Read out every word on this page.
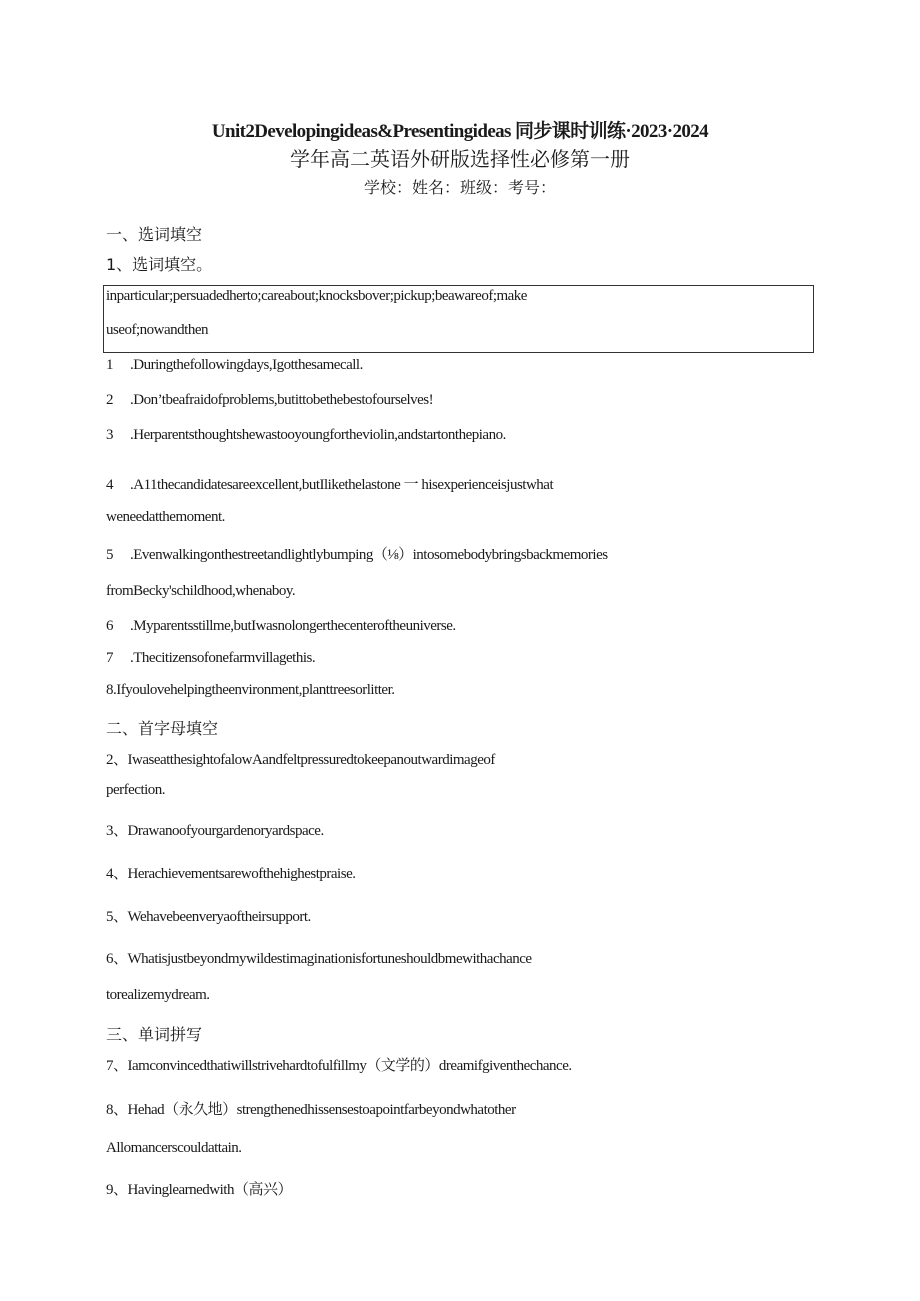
Unit2Developingideas&Presentingideas 同步课时训练·2023·2024
学年高二英语外研版选择性必修第一册
学校：姓名：班级：考号：
一、选词填空
1、选词填空。
inparticular;persuadedherto;careabout;knocksbover;pickup;beawareof;make
useof;nowandthen
1 .Duringthefollowingdays,Igotthesamecall.
2 .Don’tbeafraidofproblems,butittobethebestofourselves!
3 .Herparentsthoughtshewastooyoungfortheviolin,andstartonthepiano.
4 .A11thecandidatesareexcellent,butIlikethelastone 一 hisexperienceisjustwhat
weneedatthemoment.
5 .Evenwalkingonthestreetandlightlybumping（⅛）intosomebodybringsbackmemories
fromBecky'schildhood,whenaboy.
6 .Myparentsstillme,butIwasnolongerthecenteroftheuniverse.
7 .Thecitizensofonefarmvillagethis.
8.Ifyoulovehelpingtheenvironment,planttreesorlitter.
二、首字母填空
2、IwaseatthesightofalowAandfeltpressuredtokeepanoutwardimageof
perfection.
3、Drawanoofyourgardenoryardspace.
4、Herachievementsarewofthehighestpraise.
5、Wehavebeenveryaoftheirsupport.
6、Whatisjustbeyondmywildestimaginationisfortuneshouldbmewithachance
torealizemydream.
三、单词拼写
7、Iamconvincedthatiwillstrivehardtofulfillmy（文学的）dreamifgiventhechance.
8、Hehad（永久地）strengthenedhissensestoapointfarbeyondwhatother
Allomancerscouldattain.
9、Havinglearnedwith（高兴）
